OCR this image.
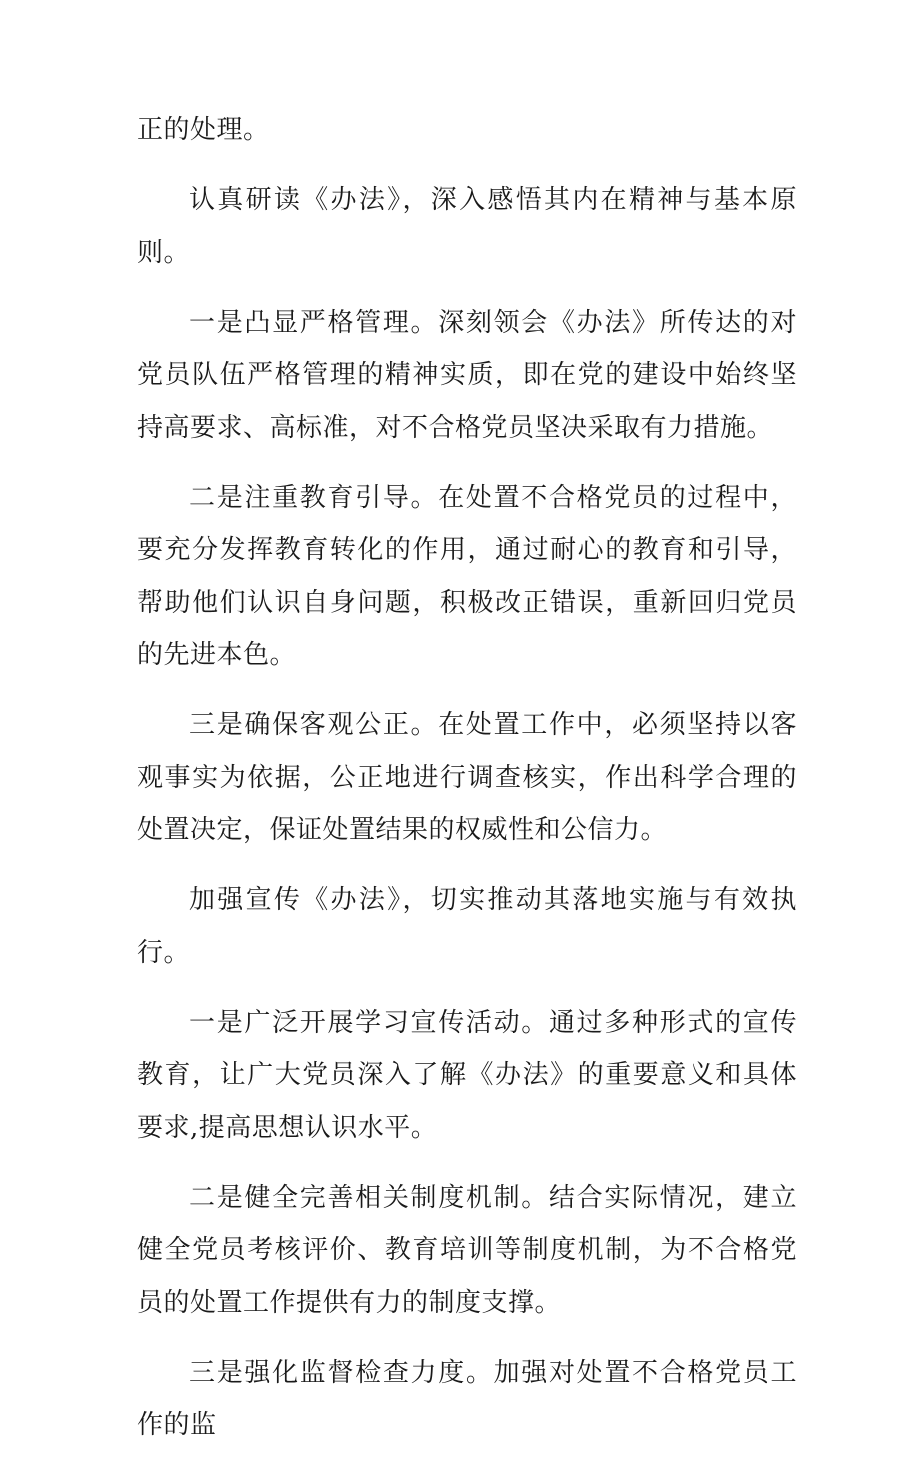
正的处理。

认真研读《办法》，深入感悟其内在精神与基本原则。

一是凸显严格管理。深刻领会《办法》所传达的对党员队伍严格管理的精神实质，即在党的建设中始终坚持高要求、高标准，对不合格党员坚决采取有力措施。

二是注重教育引导。在处置不合格党员的过程中，要充分发挥教育转化的作用，通过耐心的教育和引导，帮助他们认识自身问题，积极改正错误，重新回归党员的先进本色。

三是确保客观公正。在处置工作中，必须坚持以客观事实为依据，公正地进行调查核实，作出科学合理的处置决定，保证处置结果的权威性和公信力。

加强宣传《办法》，切实推动其落地实施与有效执行。

一是广泛开展学习宣传活动。通过多种形式的宣传教育，让广大党员深入了解《办法》的重要意义和具体要求,提高思想认识水平。

二是健全完善相关制度机制。结合实际情况，建立健全党员考核评价、教育培训等制度机制，为不合格党员的处置工作提供有力的制度支撑。

三是强化监督检查力度。加强对处置不合格党员工作的监
